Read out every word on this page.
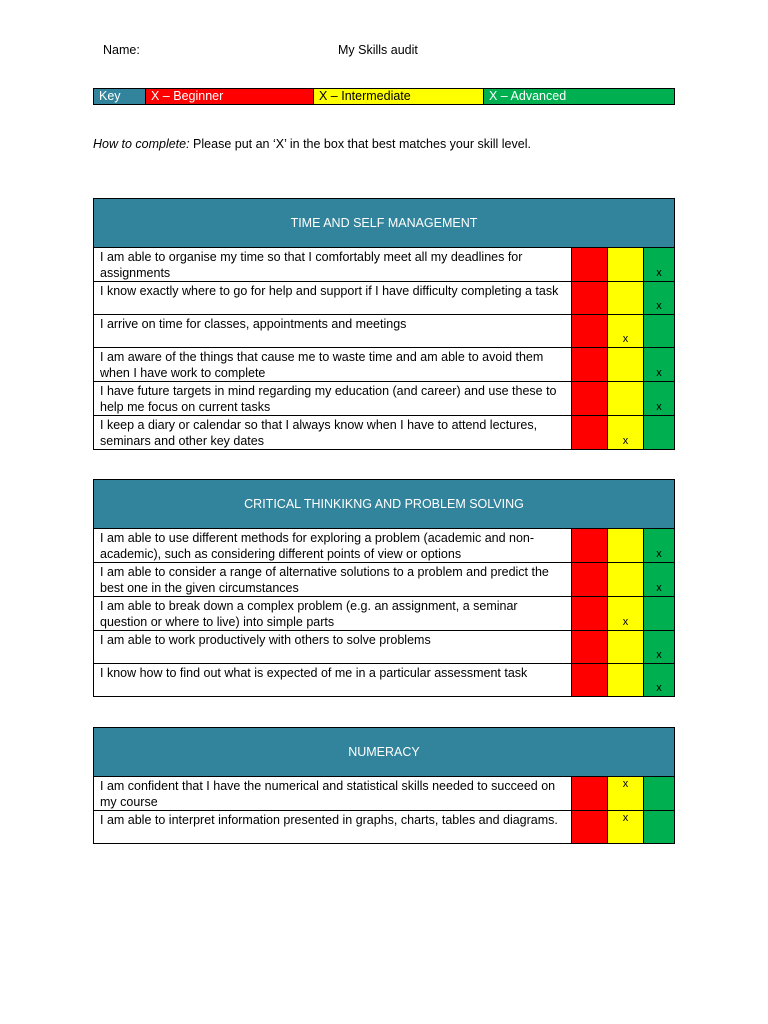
Name:	My Skills audit
Key	X – Beginner	X – Intermediate	X – Advanced
How to complete: Please put an ‘X’ in the box that best matches your skill level.
TIME AND SELF MANAGEMENT			
I am able to organise my time so that I comfortably meet all my deadlines for assignments			x
I know exactly where to go for help and support if I have difficulty completing a task			x
I arrive on time for classes, appointments and meetings		x	
I am aware of the things that cause me to waste time and am able to avoid them when I have work to complete			x
I have future targets in mind regarding my education (and career) and use these to help me focus on current tasks			x
I keep a diary or calendar so that I always know when I have to attend lectures, seminars and other key dates		x	
CRITICAL THINKIKNG AND PROBLEM SOLVING			
I am able to use different methods for exploring a problem (academic and non-academic), such as considering different points of view or options			x
I am able to consider a range of alternative solutions to a problem and predict the best one in the given circumstances			x
I am able to break down a complex problem (e.g. an assignment, a seminar question or where to live) into simple parts		x	
I am able to work productively with others to solve problems			x
I know how to find out what is expected of me in a particular assessment task			x
NUMERACY			
I am confident that I have the numerical and statistical skills needed to succeed on my course		x	
I am able to interpret information presented in graphs, charts, tables and diagrams.		x	
